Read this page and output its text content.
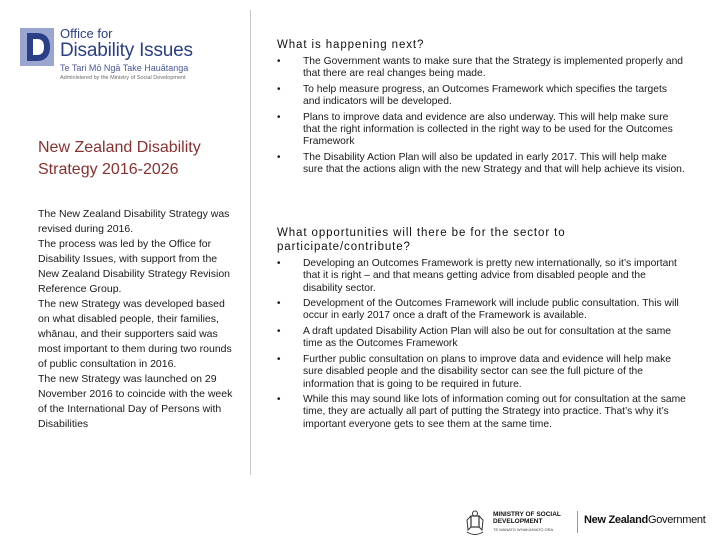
Office for
Disability Issues
Te Tari Mō Ngā Take Hauātanga
Administered by the Ministry of Social Development
New Zealand Disability Strategy 2016-2026

The New Zealand Disability Strategy was revised during 2016.

The process was led by the Office for Disability Issues, with support from the New Zealand Disability Strategy Revision Reference Group.

The new Strategy was developed based on what disabled people, their families, whānau, and their supporters said was most important to them during two rounds of public consultation in 2016.

The new Strategy was launched on 29 November 2016 to coincide with the week of the International Day of Persons with Disabilities

What is happening next?
•	The Government wants to make sure that the Strategy is implemented properly and that there are real changes being made.
•	To help measure progress, an Outcomes Framework which specifies the targets and indicators will be developed.
•	Plans to improve data and evidence are also underway. This will help make sure that the right information is collected in the right way to be used for the Outcomes Framework
•	The Disability Action Plan will also be updated in early 2017. This will help make sure that the actions align with the new Strategy and that will help achieve its vision.
What opportunities will there be for the sector to participate/contribute?
•	Developing an Outcomes Framework is pretty new internationally, so it’s important that it is right – and that means getting advice from disabled people and the disability sector.
•	Development of the Outcomes Framework will include public consultation. This will occur in early 2017 once a draft of the Framework is available.
•	A draft updated Disability Action Plan will also be out for consultation at the same time as the Outcomes Framework
•	Further public consultation on plans to improve data and evidence will help make sure disabled people and the disability sector can see the full picture of the information that is going to be required in future.
•	While this may sound like lots of information coming out for consultation at the same time, they are actually all part of putting the Strategy into practice. That’s why it’s important everyone gets to see them at the same time.
MINISTRY OF SOCIAL
DEVELOPMENT
TE MANATŪ WHAKAHIATO ORA
New ZealandGovernment
